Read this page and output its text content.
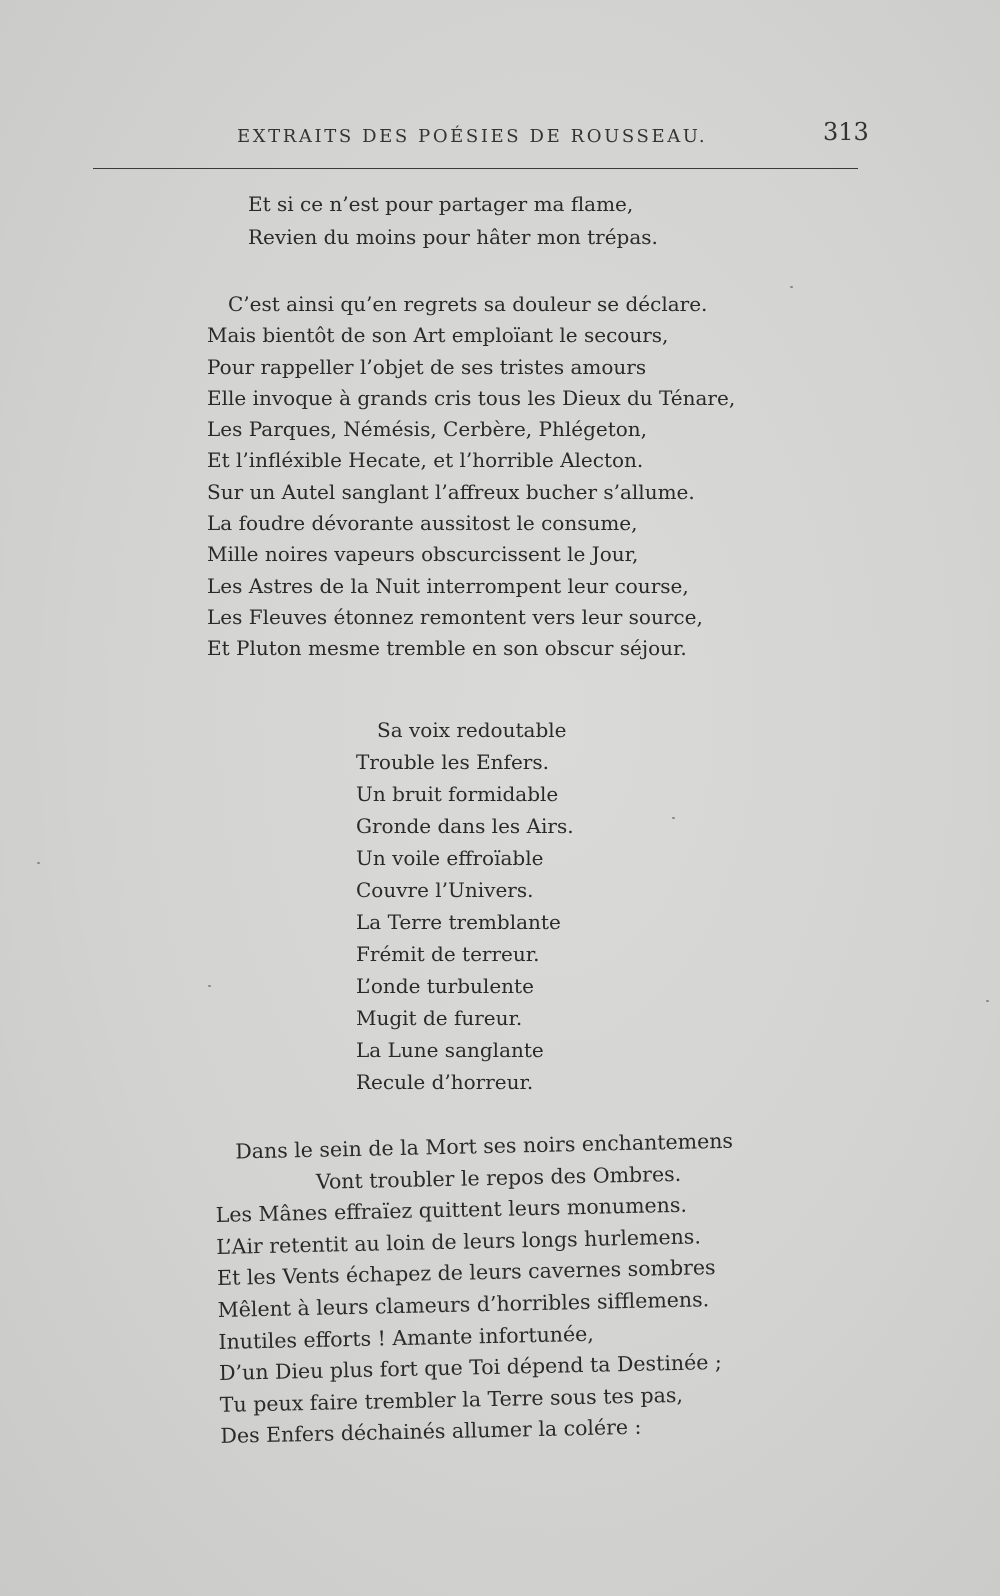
EXTRAITS DES POÉSIES DE ROUSSEAU.	313
Et si ce n’est pour partager ma flame,
Revien du moins pour hâter mon trépas.
C’est ainsi qu’en regrets sa douleur se déclare.
Mais bientôt de son Art emploïant le secours,
Pour rappeller l’objet de ses tristes amours
Elle invoque à grands cris tous les Dieux du Ténare,
Les Parques, Némésis, Cerbère, Phlégeton,
Et l’infléxible Hecate, et l’horrible Alecton.
Sur un Autel sanglant l’affreux bucher s’allume.
La foudre dévorante aussitost le consume,
Mille noires vapeurs obscurcissent le Jour,
Les Astres de la Nuit interrompent leur course,
Les Fleuves étonnez remontent vers leur source,
Et Pluton mesme tremble en son obscur séjour.
Sa voix redoutable
Trouble les Enfers.
Un bruit formidable
Gronde dans les Airs.
Un voile effroïable
Couvre l’Univers.
La Terre tremblante
Frémit de terreur.
L’onde turbulente
Mugit de fureur.
La Lune sanglante
Recule d’horreur.
Dans le sein de la Mort ses noirs enchantemens
Vont troubler le repos des Ombres.
Les Mânes effraïez quittent leurs monumens.
L’Air retentit au loin de leurs longs hurlemens.
Et les Vents échapez de leurs cavernes sombres
Mêlent à leurs clameurs d’horribles sifflemens.
Inutiles efforts ! Amante infortunée,
D’un Dieu plus fort que Toi dépend ta Destinée ;
Tu peux faire trembler la Terre sous tes pas,
Des Enfers déchainés allumer la colére :
